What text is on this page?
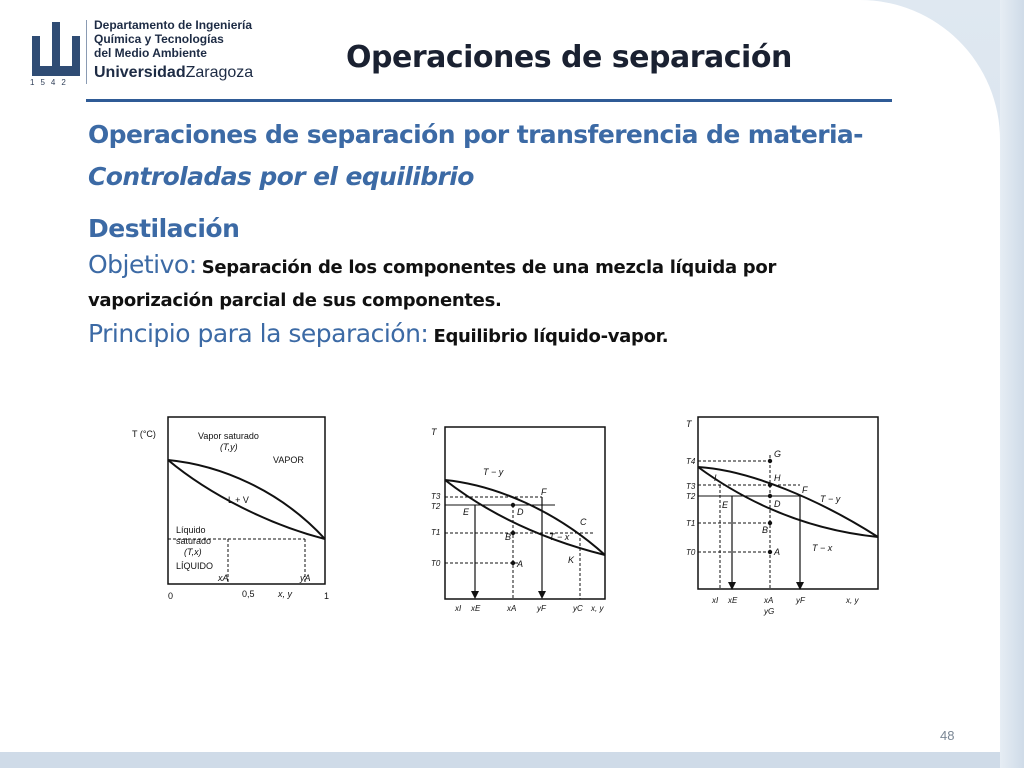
1542
Departamento de Ingeniería
Química y Tecnologías
del Medio Ambiente
UniversidadZaragoza	Operaciones de separación
Operaciones de separación por transferencia de materia-
Controladas por el equilibrio
Destilación
Objetivo: Separación de los componentes de una mezcla líquida por
vaporización parcial de sus componentes.
Principio para la separación: Equilibrio líquido-vapor.
T (°C)	Vapor saturado
(T,y)
VAPOR
L + V
Líquido
saturado
(T,x)
LÍQUIDO
xA	yA
0	0,5	x, y	1
T
T − y
T − x
T3
T2
T1
T0
E	D
F
C
B
A	K
xI xE	xA	yF	yC x, y
T
T4
T3
T2
T1
T0
G
H
I
E	D
F
B
A
T − y
T − x
xI xE	xA
yG
yF	x, y
48
